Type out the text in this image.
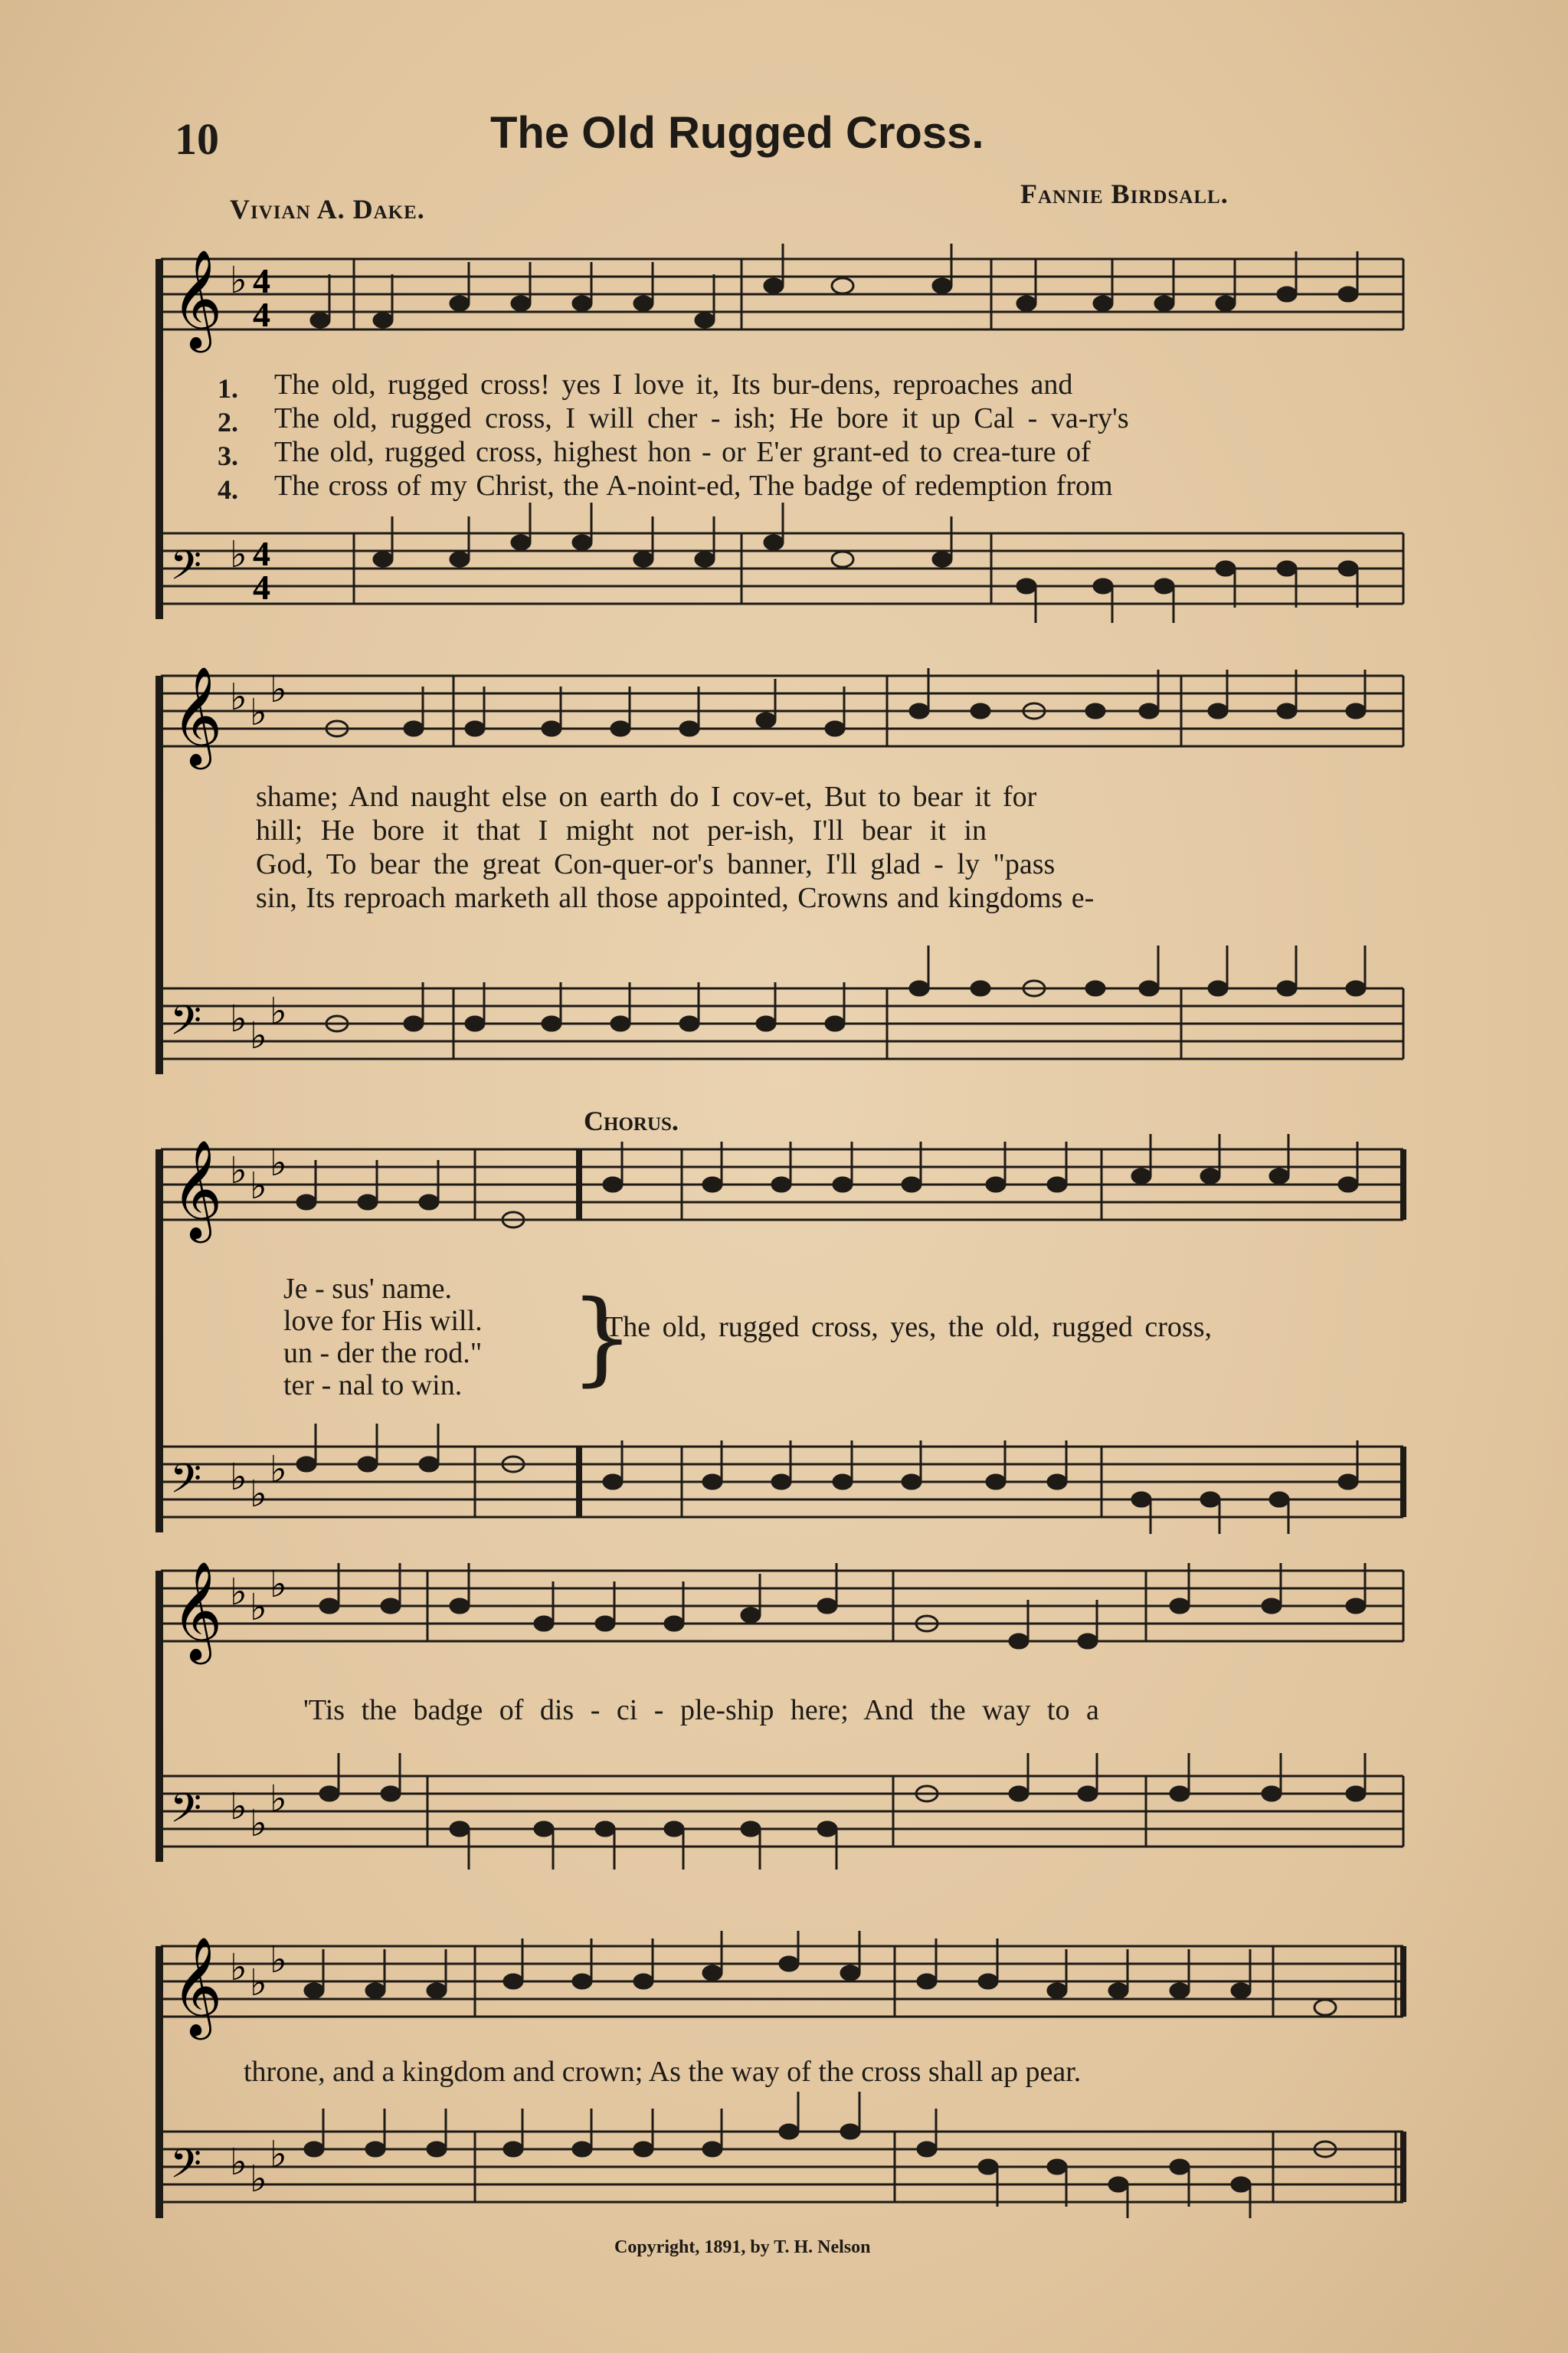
10	The Old Rugged Cross.
Vivian A. Dake.	Fannie Birdsall.
𝄞 ♭ 4
4
𝄢 ♭ 4
4
1.
2.
3.
4.
The old, rugged cross! yes I love it, Its bur-dens, reproaches and
The old, rugged cross, I will cher - ish; He bore it up Cal - va-ry's
The old, rugged cross, highest hon - or E'er grant-ed to crea-ture of
The cross of my Christ, the A-noint-ed, The badge of redemption from
𝄞 ♭ ♭
♭
𝄢 ♭ ♭
♭
shame; And naught else on earth do I cov-et, But to bear it for
hill; He bore it that I might not per-ish, I'll bear it in
God, To bear the great Con-quer-or's banner, I'll glad - ly "pass
sin, Its reproach marketh all those appointed, Crowns and kingdoms e-
Chorus.
𝄞 ♭ ♭
♭
𝄢 ♭ ♭
♭
Je - sus' name.
love for His will.
un - der the rod."
ter - nal to win. }
The old, rugged cross, yes, the old, rugged cross,
𝄞 ♭ ♭
♭
𝄢 ♭ ♭
♭
'Tis the badge of dis - ci - ple-ship here; And the way to a
𝄞 ♭ ♭
♭
𝄢 ♭ ♭
♭
throne, and a kingdom and crown; As the way of the cross shall ap pear.
Copyright, 1891, by T. H. Nelson
